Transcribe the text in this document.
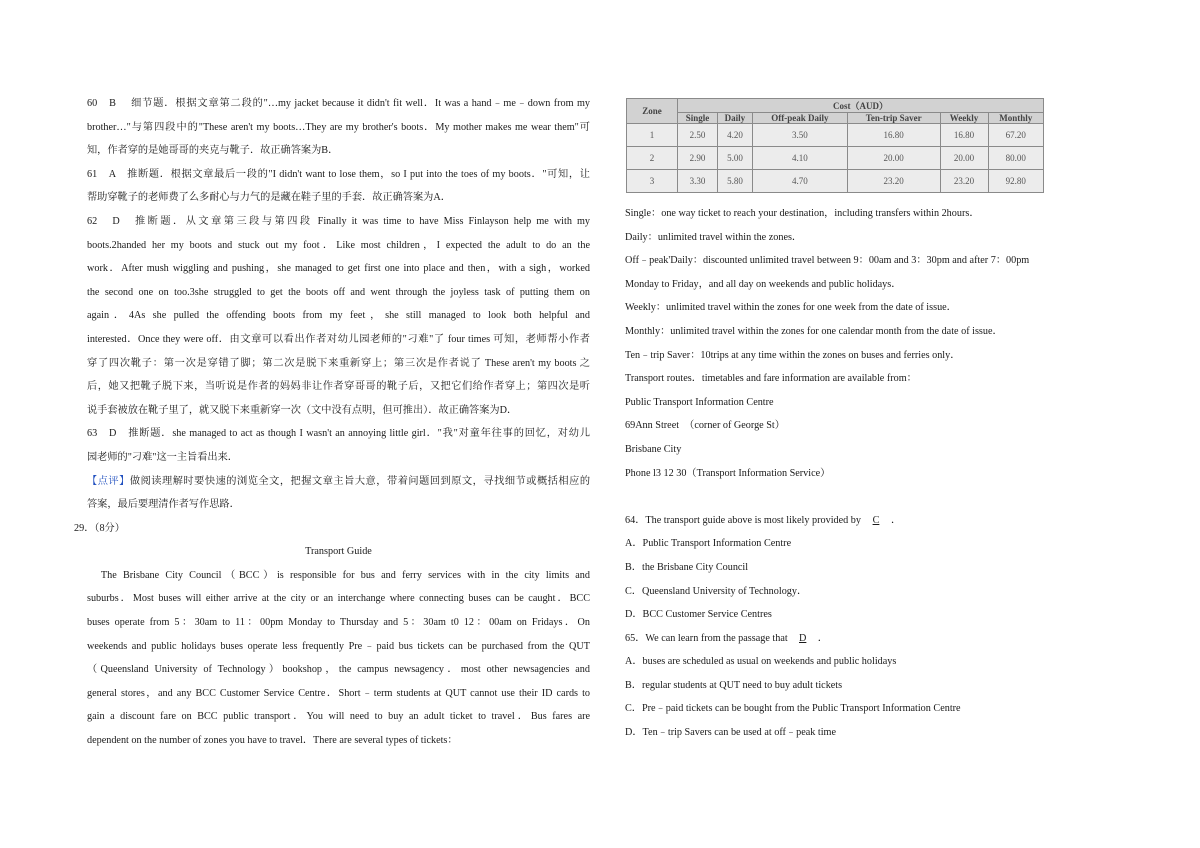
60　B　 细节题．根据文章第二段的"…my jacket because it didn't fit well．It was a hand﹣me﹣down from my
brother…"与第四段中的"These aren't my boots…They are my brother's boots．My mother makes me wear them"可
知，作者穿的是她哥哥的夹克与靴子．故正确答案为B．
61　A　推断题．根据文章最后一段的"I didn't want to lose them，so I put into the toes of my boots．"可知，让
帮助穿靴子的老师费了么多耐心与力气的是藏在鞋子里的手套．故正确答案为A．
62　D　推断题．从文章第三段与第四段 Finally it was time to have Miss Finlayson help me with my
boots.2handed her my boots and stuck out my foot．Like most children，I expected the adult to do an the
work．After mush wiggling and pushing，she managed to get first one into place and then，with a sigh，worked
the second one on too.3she struggled to get the boots off and went through the joyless task of putting them on
again．4As she pulled the offending boots from my feet，she still managed to look both helpful and
interested．Once they were off．由文章可以看出作者对幼儿园老师的"刁难"了 four times 可知，老师帮小作者
穿了四次靴子：第一次是穿错了脚；第二次是脱下来重新穿上；第三次是作者说了 These aren't my boots 之
后，她又把靴子脱下来，当听说是作者的妈妈非让作者穿哥哥的靴子后，又把它们给作者穿上；第四次是听
说手套被放在靴子里了，就又脱下来重新穿一次（文中没有点明，但可推出）．故正确答案为D．
63　D　推断题．she managed to act as though I wasn't an annoying little girl．"我"对童年往事的回忆，对幼儿
园老师的"刁难"这一主旨看出来．
【点评】做阅读理解时要快速的浏览全文，把握文章主旨大意，带着问题回到原文，寻找细节或概括相应的
答案，最后要理清作者写作思路．
29．（8分）
Transport Guide
　The Brisbane City Council（BCC）is responsible for bus and ferry services with in the city limits and
suburbs．Most buses will either arrive at the city or an interchange where connecting buses can be caught．BCC
buses operate from 5：30am to 11：00pm Monday to Thursday and 5：30am t0 12：00am on Fridays．On
weekends and public holidays buses operate less frequently Pre﹣paid bus tickets can be purchased from the QUT
（Queensland University of Technology）bookshop，the campus newsagency．most other newsagencies and
general stores，and any BCC Customer Service Centre．Short﹣term students at QUT cannot use their ID cards to
gain a discount fare on BCC public transport．You will need to buy an adult ticket to travel．Bus fares are
dependent on the number of zones you have to travel．There are several types of tickets：
Zone	Cost（AUD）					
	Single	Daily	Off-peak Daily	Ten-trip Saver	Weekly	Monthly
1	2.50	4.20	3.50	16.80	16.80	67.20
2	2.90	5.00	4.10	20.00	20.00	80.00
3	3.30	5.80	4.70	23.20	23.20	92.80
Single：one way ticket to reach your destination，including transfers within 2hours．
Daily：unlimited travel within the zones．
Off﹣peak'Daily：discounted unlimited travel between 9：00am and 3：30pm and after 7：00pm
Monday to Friday，and all day on weekends and public holidays．
Weekly：unlimited travel within the zones for one week from the date of issue．
Monthly：unlimited travel within the zones for one calendar month from the date of issue．
Ten﹣trip Saver：10trips at any time within the zones on buses and ferries only．
Transport routes．timetables and fare information are available from：
Public Transport Information Centre
69Ann Street　（corner of George St）
Brisbane City
Phone l3 12 30（Transport Information Service）
64．The transport guide above is most likely provided by C ．
A．Public Transport Information Centre
B．the Brisbane City Council
C．Queensland University of Technology．
D．BCC Customer Service Centres
65．We can learn from the passage that D ．
A．buses are scheduled as usual on weekends and public holidays
B．regular students at QUT need to buy adult tickets
C．Pre﹣paid tickets can be bought from the Public Transport Information Centre
D．Ten﹣trip Savers can be used at off﹣peak time
